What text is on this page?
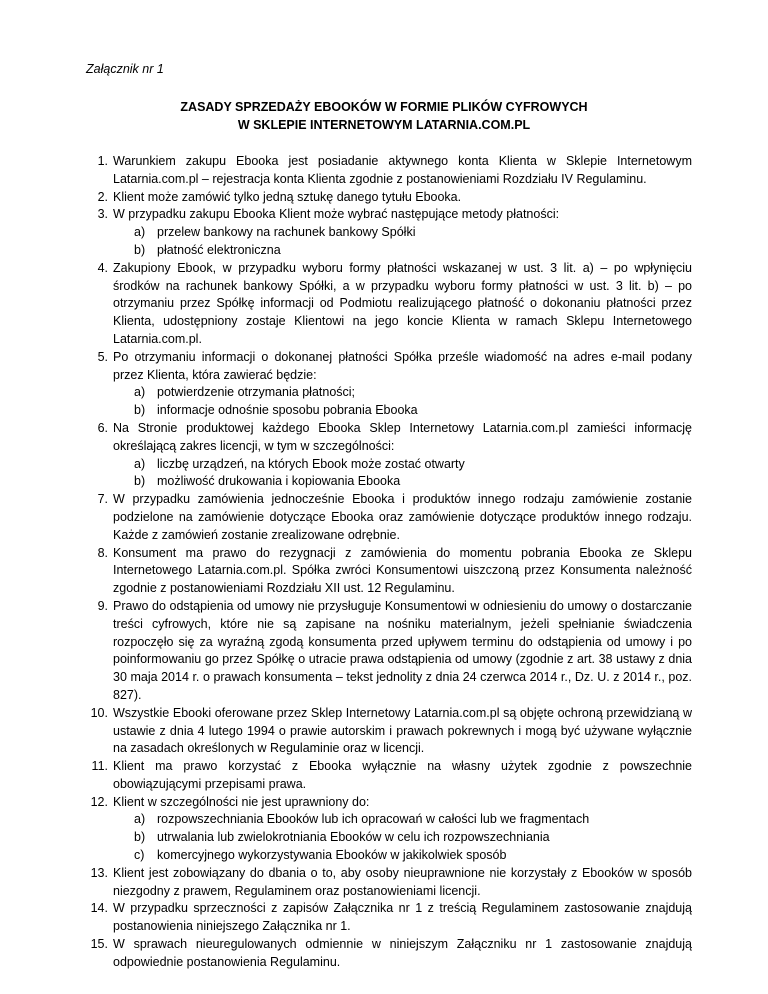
Załącznik nr 1
ZASADY SPRZEDAŻY EBOOKÓW W FORMIE PLIKÓW CYFROWYCH
W SKLEPIE INTERNETOWYM LATARNIA.COM.PL
1. Warunkiem zakupu Ebooka jest posiadanie aktywnego konta Klienta w Sklepie Internetowym Latarnia.com.pl – rejestracja konta Klienta zgodnie z postanowieniami Rozdziału IV Regulaminu.
2. Klient może zamówić tylko jedną sztukę danego tytułu Ebooka.
3. W przypadku zakupu Ebooka Klient może wybrać następujące metody płatności:
a) przelew bankowy na rachunek bankowy Spółki
b) płatność elektroniczna
4. Zakupiony Ebook, w przypadku wyboru formy płatności wskazanej w ust. 3 lit. a) – po wpłynięciu środków na rachunek bankowy Spółki, a w przypadku wyboru formy płatności w ust. 3 lit. b) – po otrzymaniu przez Spółkę informacji od Podmiotu realizującego płatność o dokonaniu płatności przez Klienta, udostępniony zostaje Klientowi na jego koncie Klienta w ramach Sklepu Internetowego Latarnia.com.pl.
5. Po otrzymaniu informacji o dokonanej płatności Spółka prześle wiadomość na adres e-mail podany przez Klienta, która zawierać będzie:
a) potwierdzenie otrzymania płatności;
b) informacje odnośnie sposobu pobrania Ebooka
6. Na Stronie produktowej każdego Ebooka Sklep Internetowy Latarnia.com.pl zamieści informację określającą zakres licencji, w tym w szczególności:
a) liczbę urządzeń, na których Ebook może zostać otwarty
b) możliwość drukowania i kopiowania Ebooka
7. W przypadku zamówienia jednocześnie Ebooka i produktów innego rodzaju zamówienie zostanie podzielone na zamówienie dotyczące Ebooka oraz zamówienie dotyczące produktów innego rodzaju. Każde z zamówień zostanie zrealizowane odrębnie.
8. Konsument ma prawo do rezygnacji z zamówienia do momentu pobrania Ebooka ze Sklepu Internetowego Latarnia.com.pl. Spółka zwróci Konsumentowi uiszczoną przez Konsumenta należność zgodnie z postanowieniami Rozdziału XII ust. 12 Regulaminu.
9. Prawo do odstąpienia od umowy nie przysługuje Konsumentowi w odniesieniu do umowy o dostarczanie treści cyfrowych, które nie są zapisane na nośniku materialnym, jeżeli spełnianie świadczenia rozpoczęło się za wyraźną zgodą konsumenta przed upływem terminu do odstąpienia od umowy i po poinformowaniu go przez Spółkę o utracie prawa odstąpienia od umowy (zgodnie z art. 38 ustawy z dnia 30 maja 2014 r. o prawach konsumenta – tekst jednolity z dnia 24 czerwca 2014 r., Dz. U. z 2014 r., poz. 827).
10. Wszystkie Ebooki oferowane przez Sklep Internetowy Latarnia.com.pl są objęte ochroną przewidzianą w ustawie z dnia 4 lutego 1994 o prawie autorskim i prawach pokrewnych i mogą być używane wyłącznie na zasadach określonych w Regulaminie oraz w licencji.
11. Klient ma prawo korzystać z Ebooka wyłącznie na własny użytek zgodnie z powszechnie obowiązującymi przepisami prawa.
12. Klient w szczególności nie jest uprawniony do:
a) rozpowszechniania Ebooków lub ich opracowań w całości lub we fragmentach
b) utrwalania lub zwielokrotniania Ebooków w celu ich rozpowszechniania
c) komercyjnego wykorzystywania Ebooków w jakikolwiek sposób
13. Klient jest zobowiązany do dbania o to, aby osoby nieuprawnione nie korzystały z Ebooków w sposób niezgodny z prawem, Regulaminem oraz postanowieniami licencji.
14. W przypadku sprzeczności z zapisów Załącznika nr 1 z treścią Regulaminem zastosowanie znajdują postanowienia niniejszego Załącznika nr 1.
15. W sprawach nieuregulowanych odmiennie w niniejszym Załączniku nr 1 zastosowanie znajdują odpowiednie postanowienia Regulaminu.
